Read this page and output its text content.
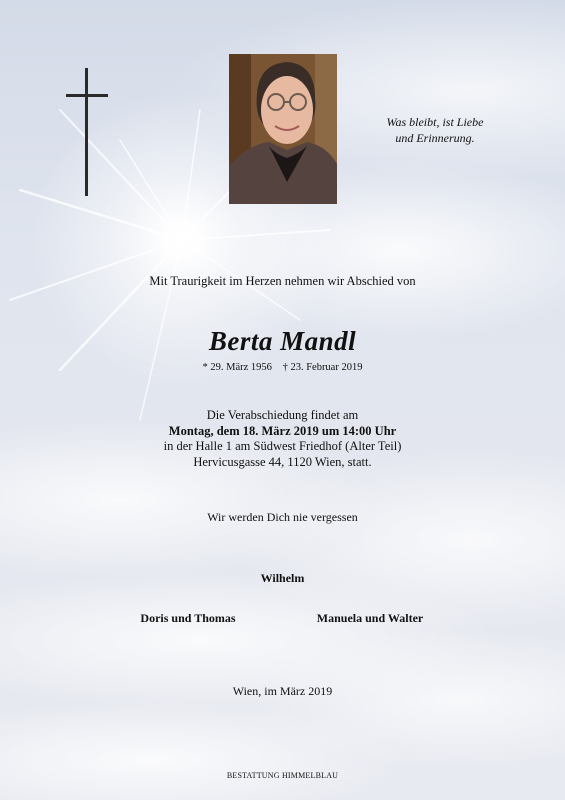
Was bleibt, ist Liebe
und Erinnerung.
Mit Traurigkeit im Herzen nehmen wir Abschied von
Berta Mandl
* 29. März 1956 † 23. Februar 2019
Die Verabschiedung findet am
Montag, dem 18. März 2019 um 14:00 Uhr
in der Halle 1 am Südwest Friedhof (Alter Teil)
Hervicusgasse 44, 1120 Wien, statt.
Wir werden Dich nie vergessen
Wilhelm
Doris und Thomas	Manuela und Walter
Wien, im März 2019
BESTATTUNG HIMMELBLAU
